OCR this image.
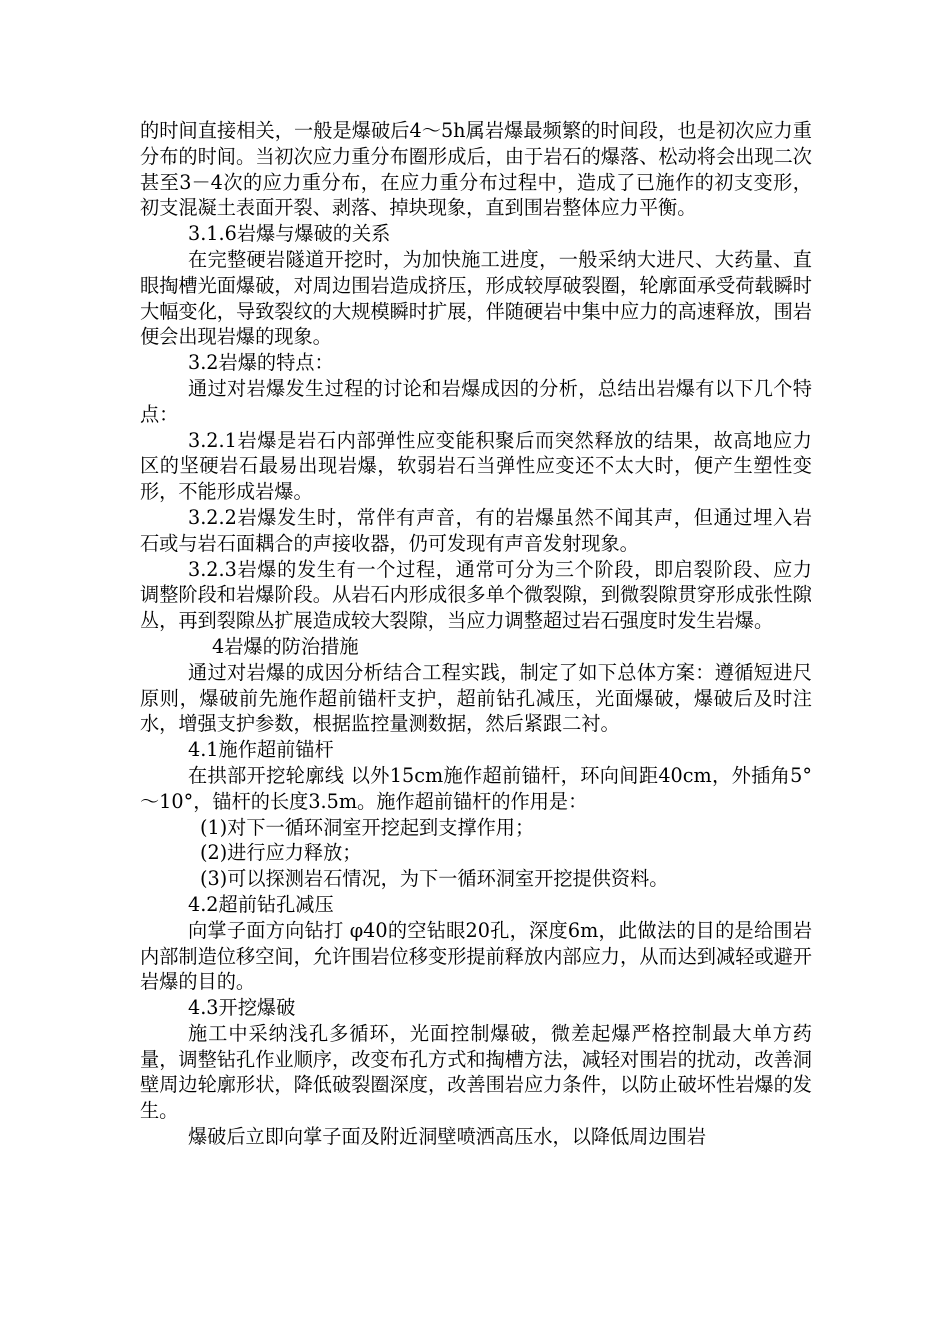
的时间直接相关，一般是爆破后4～5h属岩爆最频繁的时间段，也是初次应力重分布的时间。当初次应力重分布圈形成后，由于岩石的爆落、松动将会出现二次甚至3－4次的应力重分布，在应力重分布过程中，造成了已施作的初支变形，初支混凝土表面开裂、剥落、掉块现象，直到围岩整体应力平衡。

3.1.6岩爆与爆破的关系

在完整硬岩隧道开挖时，为加快施工进度，一般采纳大进尺、大药量、直眼掏槽光面爆破，对周边围岩造成挤压，形成较厚破裂圈，轮廓面承受荷载瞬时大幅变化，导致裂纹的大规模瞬时扩展，伴随硬岩中集中应力的高速释放，围岩便会出现岩爆的现象。

3.2岩爆的特点：

通过对岩爆发生过程的讨论和岩爆成因的分析，总结出岩爆有以下几个特点：

3.2.1岩爆是岩石内部弹性应变能积聚后而突然释放的结果，故高地应力区的坚硬岩石最易出现岩爆，软弱岩石当弹性应变还不太大时，便产生塑性变形，不能形成岩爆。

3.2.2岩爆发生时，常伴有声音，有的岩爆虽然不闻其声，但通过埋入岩石或与岩石面耦合的声接收器，仍可发现有声音发射现象。

3.2.3岩爆的发生有一个过程，通常可分为三个阶段，即启裂阶段、应力调整阶段和岩爆阶段。从岩石内形成很多单个微裂隙，到微裂隙贯穿形成张性隙丛，再到裂隙丛扩展造成较大裂隙，当应力调整超过岩石强度时发生岩爆。

4岩爆的防治措施

通过对岩爆的成因分析结合工程实践，制定了如下总体方案：遵循短进尺原则，爆破前先施作超前锚杆支护，超前钻孔减压，光面爆破，爆破后及时注水，增强支护参数，根据监控量测数据，然后紧跟二衬。

4.1施作超前锚杆

在拱部开挖轮廓线 以外15cm施作超前锚杆，环向间距40cm，外插角5°～10°，锚杆的长度3.5m。施作超前锚杆的作用是：

(1)对下一循环洞室开挖起到支撑作用；

(2)进行应力释放；

(3)可以探测岩石情况，为下一循环洞室开挖提供资料。

4.2超前钻孔减压

向掌子面方向钻打 φ40的空钻眼20孔，深度6m，此做法的目的是给围岩内部制造位移空间，允许围岩位移变形提前释放内部应力，从而达到减轻或避开岩爆的目的。

4.3开挖爆破

施工中采纳浅孔多循环，光面控制爆破，微差起爆严格控制最大单方药量，调整钻孔作业顺序，改变布孔方式和掏槽方法，减轻对围岩的扰动，改善洞壁周边轮廓形状，降低破裂圈深度，改善围岩应力条件，以防止破坏性岩爆的发生。

爆破后立即向掌子面及附近洞壁喷洒高压水，以降低周边围岩
